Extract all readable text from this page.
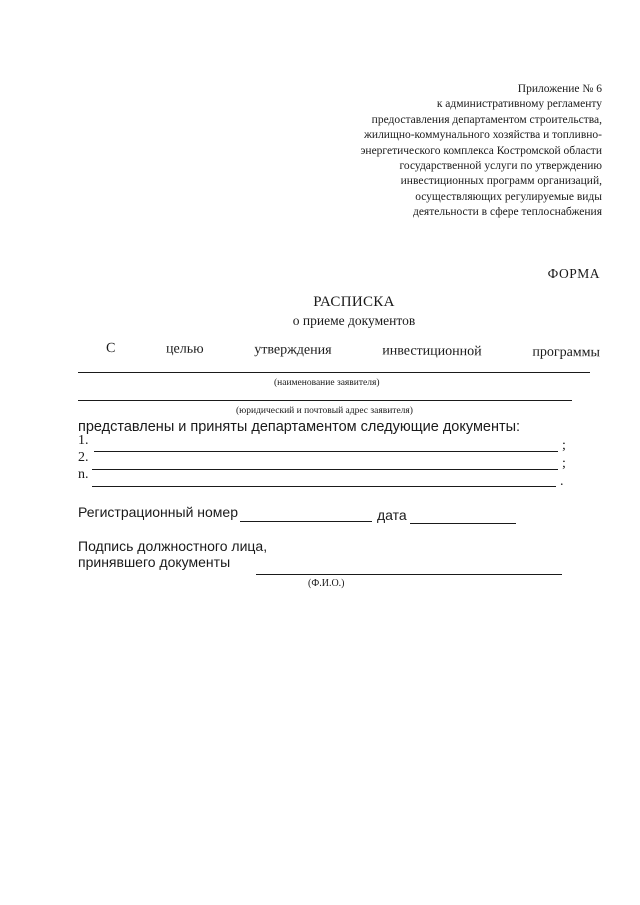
Приложение № 6
к административному регламенту
предоставления департаментом строительства,
жилищно-коммунального хозяйства и топливно-
энергетического комплекса Костромской области
государственной услуги по утверждению
инвестиционных программ организаций,
осуществляющих регулируемые виды
деятельности в сфере теплоснабжения
ФОРМА
РАСПИСКА
о приеме документов
С	целью	утверждения	инвестиционной	программы
(наименование заявителя)
(юридический и почтовый адрес заявителя)
представлены и приняты департаментом следующие документы:
1.	;
2.	;
n.	.
Регистрационный номер	дата
Подпись должностного лица,
принявшего документы
(Ф.И.О.)
